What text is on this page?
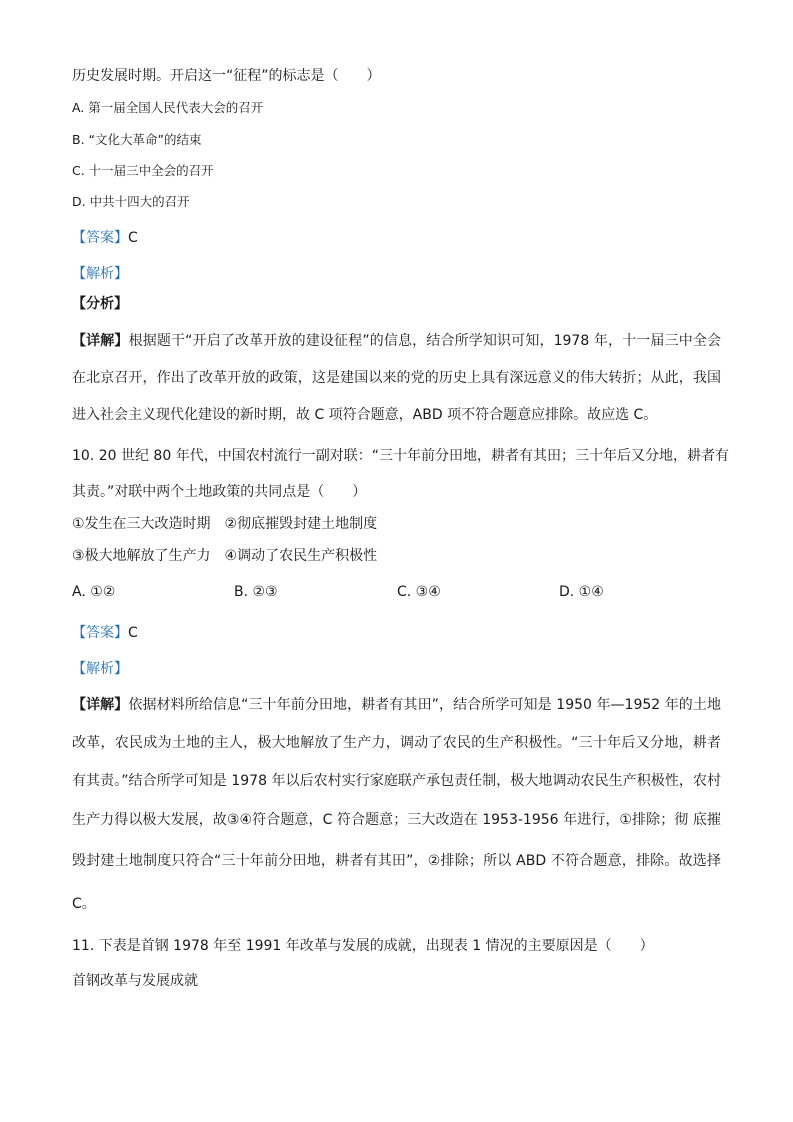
历史发展时期。开启这一“征程”的标志是（　　）
A. 第一届全国人民代表大会的召开
B. “文化大革命”的结束
C. 十一届三中全会的召开
D. 中共十四大的召开
【答案】C
【解析】
【分析】
【详解】根据题干“开启了改革开放的建设征程”的信息，结合所学知识可知，1978 年，十一届三中全会
在北京召开，作出了改革开放的政策，这是建国以来的党的历史上具有深远意义的伟大转折；从此，我国
进入社会主义现代化建设的新时期，故 C 项符合题意，ABD 项不符合题意应排除。故应选 C。
10. 20 世纪 80 年代，中国农村流行一副对联：“三十年前分田地，耕者有其田；三十年后又分地，耕者有
其责。”对联中两个土地政策的共同点是（　　）
①发生在三大改造时期　②彻底摧毁封建土地制度
③极大地解放了生产力　④调动了农民生产积极性
A. ①②	B. ②③	C. ③④	D. ①④
【答案】C
【解析】
【详解】依据材料所给信息“三十年前分田地，耕者有其田”，结合所学可知是 1950 年—1952 年的土地
改革，农民成为土地的主人，极大地解放了生产力，调动了农民的生产积极性。“三十年后又分地，耕者
有其责。”结合所学可知是 1978 年以后农村实行家庭联产承包责任制，极大地调动农民生产积极性，农村
生产力得以极大发展，故③④符合题意，C 符合题意；三大改造在 1953-1956 年进行，①排除；彻 底摧
毁封建土地制度只符合“三十年前分田地，耕者有其田”，②排除；所以 ABD 不符合题意，排除。故选择
C。
11. 下表是首钢 1978 年至 1991 年改革与发展的成就，出现表 1 情况的主要原因是（　　）
首钢改革与发展成就
